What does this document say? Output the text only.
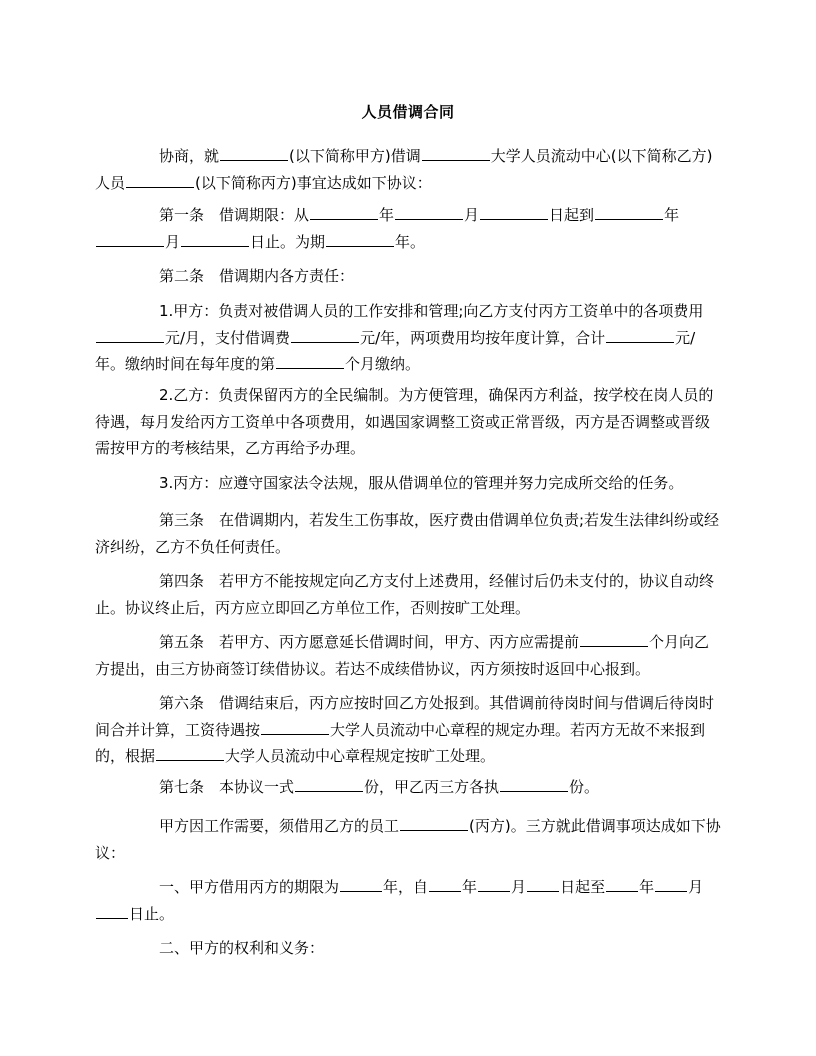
人员借调合同

协商，就	(以下简称甲方)借调	大学人员流动中心(以下简称乙方)人员	(以下简称丙方)事宜达成如下协议：

第一条　借调期限：从	年	月	日起到	年月	日止。为期	年。

第二条　借调期内各方责任：

1.甲方：负责对被借调人员的工作安排和管理;向乙方支付丙方工资单中的各项费用元/月，支付借调费	元/年，两项费用均按年度计算，合计	元/年。缴纳时间在每年度的第	个月缴纳。

2.乙方：负责保留丙方的全民编制。为方便管理，确保丙方利益，按学校在岗人员的待遇，每月发给丙方工资单中各项费用，如遇国家调整工资或正常晋级，丙方是否调整或晋级需按甲方的考核结果，乙方再给予办理。

3.丙方：应遵守国家法令法规，服从借调单位的管理并努力完成所交给的任务。

第三条　在借调期内，若发生工伤事故，医疗费由借调单位负责;若发生法律纠纷或经济纠纷，乙方不负任何责任。

第四条　若甲方不能按规定向乙方支付上述费用，经催讨后仍未支付的，协议自动终止。协议终止后，丙方应立即回乙方单位工作，否则按旷工处理。

第五条　若甲方、丙方愿意延长借调时间，甲方、丙方应需提前	个月向乙方提出，由三方协商签订续借协议。若达不成续借协议，丙方须按时返回中心报到。

第六条　借调结束后，丙方应按时回乙方处报到。其借调前待岗时间与借调后待岗时间合并计算，工资待遇按	大学人员流动中心章程的规定办理。若丙方无故不来报到的，根据	大学人员流动中心章程规定按旷工处理。

第七条　本协议一式	份，甲乙丙三方各执	份。

甲方因工作需要，须借用乙方的员工	(丙方)。三方就此借调事项达成如下协议：

一、甲方借用丙方的期限为	年，自 年 月 日起至 年 月日止。

二、甲方的权利和义务：
